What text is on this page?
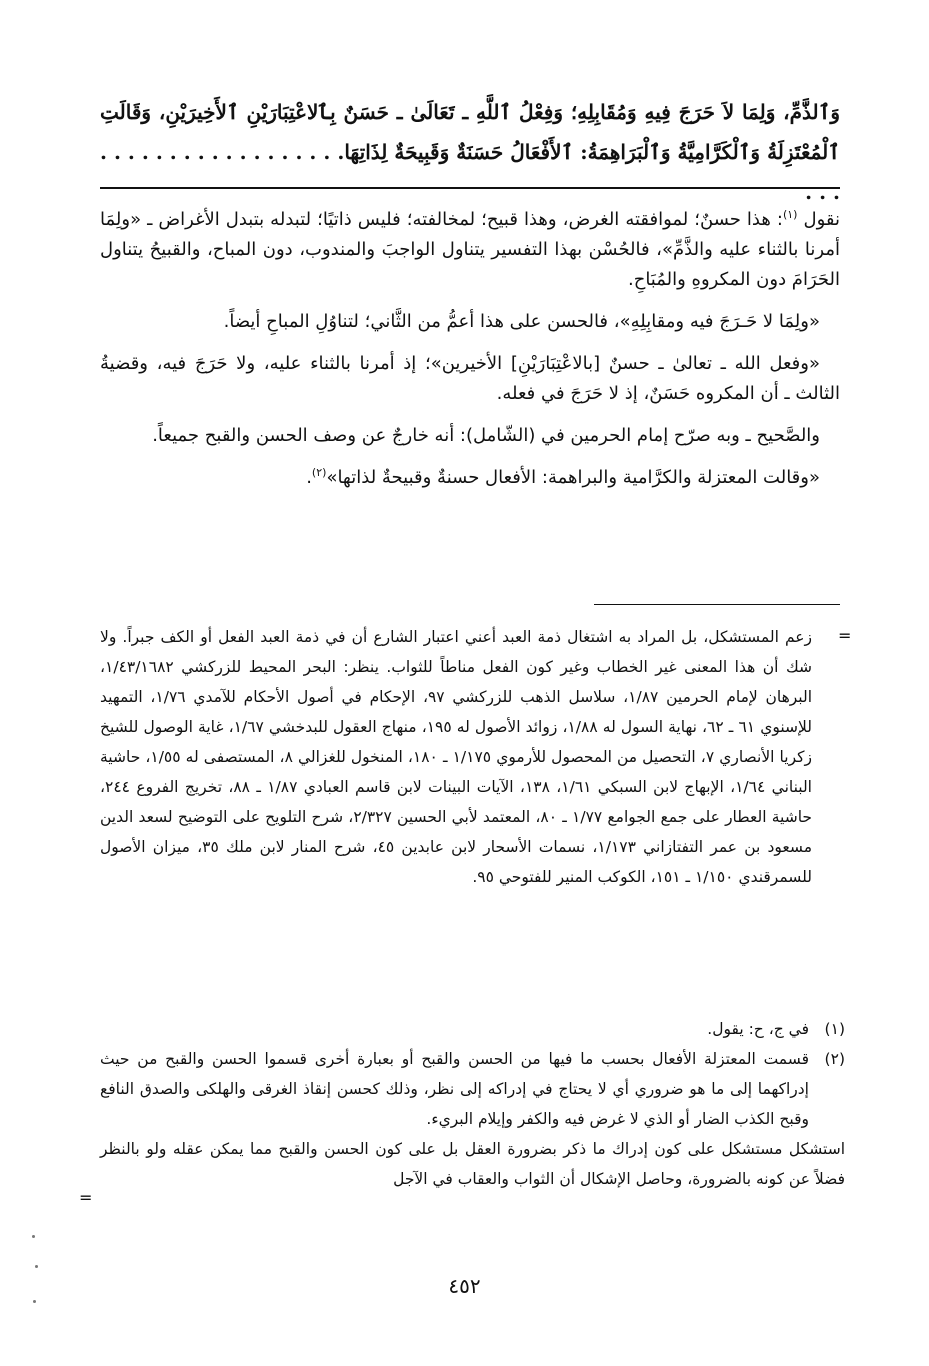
وَٱلذَّمِّ، وَلِمَا لاَ حَرَجَ فِيهِ وَمُقَابِلِهِ؛ وَفِعْلُ ٱللَّهِ ـ تَعَالَىٰ ـ حَسَنٌ بِٱلاعْتِبَارَيْنِ ٱلأَخِيرَيْنِ، وَقَالَتِ ٱلْمُعْتَزِلَةُ وَٱلْكَرَّامِيَّةُ وَٱلْبَرَاهِمَةُ: ٱلأَفْعَالُ حَسَنَةٌ وَقَبِيحَةٌ لِذَاتِهَا. . . . . . . . . . . . . . . . . . . . .

نقول $^{(١)}$: هذا حسنٌ؛ لموافقته الغرض، وهذا قبيح؛ لمخالفته؛ فليس ذاتيًا؛ لتبدله بتبدل الأغراض ـ «ولِمَا أمرنا بالثناء عليه والذَّمِّ»، فالحُسْن بهذا التفسير يتناول الواجبَ والمندوب، دون المباح، والقبيحُ يتناول الحَرَامَ دون المكروهِ والمُبَاحِ.

«ولِمَا لا حَـرَجَ فيه ومقابِلِهِ»، فالحسن على هذا أعمُّ من الثَّاني؛ لتناوُلِ المباحِ أيضاً.

«وفعل الله ـ تعالىٰ ـ حسنٌ [بالاعْتِبَارَيْنِ] الأخيرين»؛ إذ أمرنا بالثناء عليه، ولا حَرَجَ فيه، وقضيةُ الثالث ـ أن المكروه حَسَنٌ، إذ لا حَرَجَ في فعله.

والصَّحيح ـ وبه صرّح إمام الحرمين في (الشّامل): أنه خارجٌ عن وصف الحسن والقبح جميعاً.

«وقالت المعتزلة والكرَّامية والبراهمة: الأفعال حسنةٌ وقبيحةٌ لذاتها»$^{(٢)}$.

=

زعم المستشكل، بل المراد به اشتغال ذمة العبد أعني اعتبار الشارع أن في ذمة العبد الفعل أو الكف جبراً. ولا شك أن هذا المعنى غير الخطاب وغير كون الفعل مناطاً للثواب. ينظر: البحر المحيط للزركشي ١/٤٣/١٦٨٢، البرهان لإمام الحرمين ١/٨٧، سلاسل الذهب للزركشي ٩٧، الإحكام في أصول الأحكام للآمدي ١/٧٦، التمهيد للإسنوي ٦١ ـ ٦٢، نهاية السول له ١/٨٨، زوائد الأصول له ١٩٥، منهاج العقول للبدخشي ١/٦٧، غاية الوصول للشيخ زكريا الأنصاري ٧، التحصيل من المحصول للأرموي ١/١٧٥ ـ ١٨٠، المنخول للغزالي ٨، المستصفى له ١/٥٥، حاشية البناني ١/٦٤، الإبهاج لابن السبكي ١/٦١، ١٣٨، الآيات البينات لابن قاسم العبادي ١/٨٧ ـ ٨٨، تخريج الفروع ٢٤٤، حاشية العطار على جمع الجوامع ١/٧٧ ـ ٨٠، المعتمد لأبي الحسين ٢/٣٢٧، شرح التلويح على التوضيح لسعد الدين مسعود بن عمر التفتازاني ١/١٧٣، نسمات الأسحار لابن عابدين ٤٥، شرح المنار لابن ملك ٣٥، ميزان الأصول للسمرقندي ١/١٥٠ ـ ١٥١، الكوكب المنير للفتوحي ٩٥.

(١)
في ج، ح: يقول.
(٢)
قسمت المعتزلة الأفعال بحسب ما فيها من الحسن والقبح أو بعبارة أخرى قسموا الحسن والقبح من حيث إدراكهما إلى ما هو ضروري أي لا يحتاج في إدراكه إلى نظر، وذلك كحسن إنقاذ الغرقى والهلكى والصدق النافع وقبح الكذب الضار أو الذي لا غرض فيه والكفر وإيلام البريء.

استشكل مستشكل على كون إدراك ما ذكر بضرورة العقل بل على كون الحسن والقبح مما يمكن عقله ولو بالنظر فضلاً عن كونه بالضرورة، وحاصل الإشكال أن الثواب والعقاب في الآجل

=
٤٥٢
